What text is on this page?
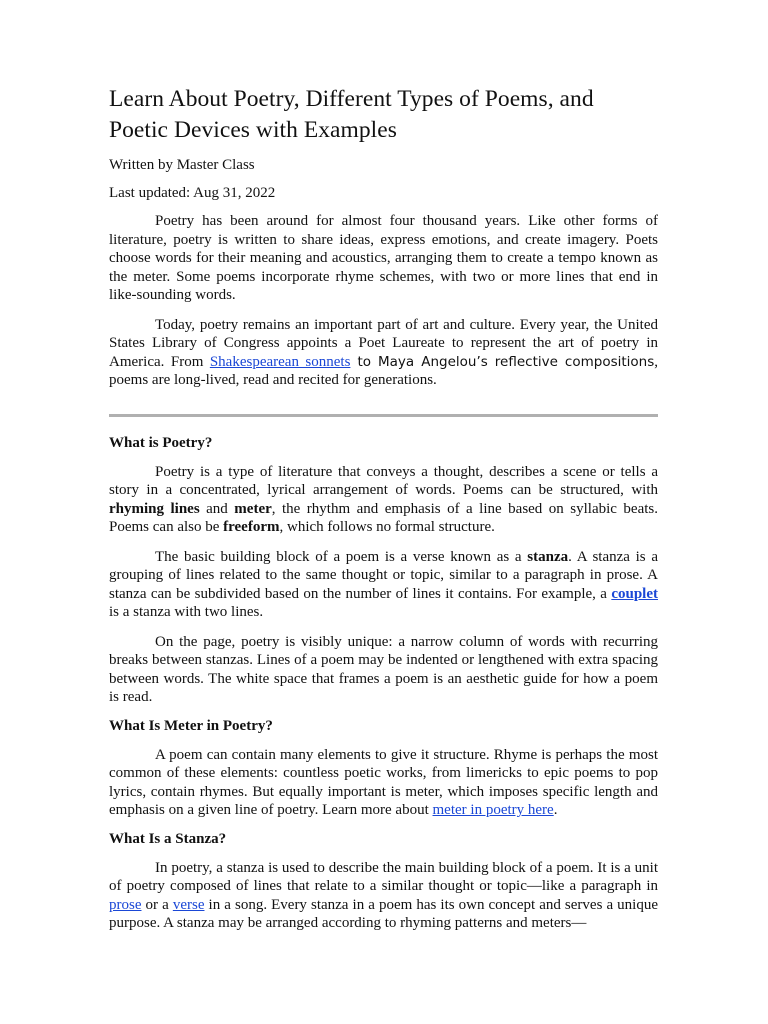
Learn About Poetry, Different Types of Poems, and Poetic Devices with Examples

Written by Master Class

Last updated: Aug 31, 2022

Poetry has been around for almost four thousand years. Like other forms of literature, poetry is written to share ideas, express emotions, and create imagery. Poets choose words for their meaning and acoustics, arranging them to create a tempo known as the meter. Some poems incorporate rhyme schemes, with two or more lines that end in like-sounding words.

Today, poetry remains an important part of art and culture. Every year, the United States Library of Congress appoints a Poet Laureate to represent the art of poetry in America. From Shakespearean sonnets to Maya Angelou’s reflective compositions, poems are long-lived, read and recited for generations.

What is Poetry?

Poetry is a type of literature that conveys a thought, describes a scene or tells a story in a concentrated, lyrical arrangement of words. Poems can be structured, with rhyming lines and meter, the rhythm and emphasis of a line based on syllabic beats. Poems can also be freeform, which follows no formal structure.

The basic building block of a poem is a verse known as a stanza. A stanza is a grouping of lines related to the same thought or topic, similar to a paragraph in prose. A stanza can be subdivided based on the number of lines it contains. For example, a couplet is a stanza with two lines.

On the page, poetry is visibly unique: a narrow column of words with recurring breaks between stanzas. Lines of a poem may be indented or lengthened with extra spacing between words. The white space that frames a poem is an aesthetic guide for how a poem is read.

What Is Meter in Poetry?

A poem can contain many elements to give it structure. Rhyme is perhaps the most common of these elements: countless poetic works, from limericks to epic poems to pop lyrics, contain rhymes. But equally important is meter, which imposes specific length and emphasis on a given line of poetry. Learn more about meter in poetry here.

What Is a Stanza?

In poetry, a stanza is used to describe the main building block of a poem. It is a unit of poetry composed of lines that relate to a similar thought or topic—like a paragraph in prose or a verse in a song. Every stanza in a poem has its own concept and serves a unique purpose. A stanza may be arranged according to rhyming patterns and meters—
